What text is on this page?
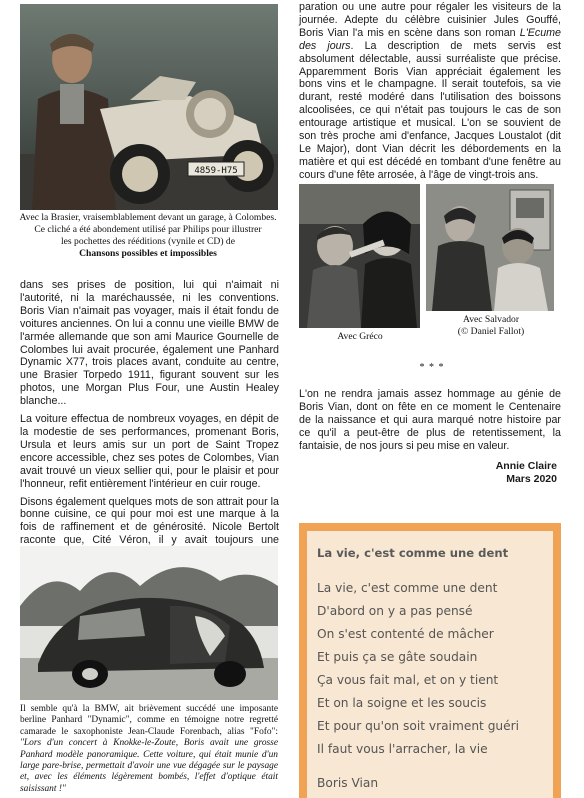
4859-H75
Avec la Brasier, vraisemblablement devant un garage, à Colombes.
Ce cliché a été abondement utilisé par Philips pour illustrer
les pochettes des rééditions (vynile et CD) de
Chansons possibles et impossibles

dans ses prises de position, lui qui n'aimait ni l'autorité, ni la maréchaussée, ni les conventions. Boris Vian n'aimait pas voyager, mais il était fondu de voitures anciennes. On lui a connu une vieille BMW de l'armée allemande que son ami Maurice Gournelle de Colombes lui avait procurée, également une Panhard Dynamic X77, trois places avant, conduite au centre, une Brasier Torpedo 1911, figurant souvent sur les photos, une Morgan Plus Four, une Austin Healey blanche...

La voiture effectua de nombreux voyages, en dépit de la modestie de ses performances, promenant Boris, Ursula et leurs amis sur un port de Saint Tropez encore accessible, chez ses potes de Colombes, Vian avait trouvé un vieux sellier qui, pour le plaisir et pour l'honneur, refit entièrement l'intérieur en cuir rouge.

Disons également quelques mots de son attrait pour la bonne cuisine, ce qui pour moi est une marque à la fois de raffinement et de générosité. Nicole Bertolt raconte que, Cité Véron, il y avait toujours une

Il semble qu'à la BMW, ait brièvement succédé une imposante berline Panhard "Dynamic", comme en témoigne notre regretté camarade le saxophoniste Jean-Claude Forenbach, alias "Fofo": "Lors d'un concert à Knokke-le-Zoute, Boris avait une grosse Panhard modèle panoramique. Cette voiture, qui était munie d'un large pare-brise, permettait d'avoir une vue dégagée sur le paysage et, avec les éléments légèrement bombés, l'effet d'optique était saisissant !"

paration ou une autre pour régaler les visiteurs de la journée. Adepte du célèbre cuisinier Jules Gouffé, Boris Vian l'a mis en scène dans son roman L'Ecume des jours. La description de mets servis est absolument délectable, aussi surréaliste que précise. Apparemment Boris Vian appréciait également les bons vins et le champagne. Il serait toutefois, sa vie durant, resté modéré dans l'utilisation des boissons alcoolisées, ce qui n'était pas toujours le cas de son entourage artistique et musical. L'on se souvient de son très proche ami d'enfance, Jacques Loustalot (dit Le Major), dont Vian décrit les débordements en la matière et qui est décédé en tombant d'une fenêtre au cours d'une fête arrosée, à l'âge de vingt-trois ans.

Avec Gréco
Avec Salvador
(© Daniel Fallot)
* * *

L'on ne rendra jamais assez hommage au génie de Boris Vian, dont on fête en ce moment le Centenaire de la naissance et qui aura marqué notre histoire par ce qu'il a peut-être de plus de retentissement, la fantaisie, de nos jours si peu mise en valeur.

Annie Claire
Mars 2020
La vie, c'est comme une dent
La vie, c'est comme une dent
D'abord on y a pas pensé
On s'est contenté de mâcher
Et puis ça se gâte soudain
Ça vous fait mal, et on y tient
Et on la soigne et les soucis
Et pour qu'on soit vraiment guéri
Il faut vous l'arracher, la vie
Boris Vian
